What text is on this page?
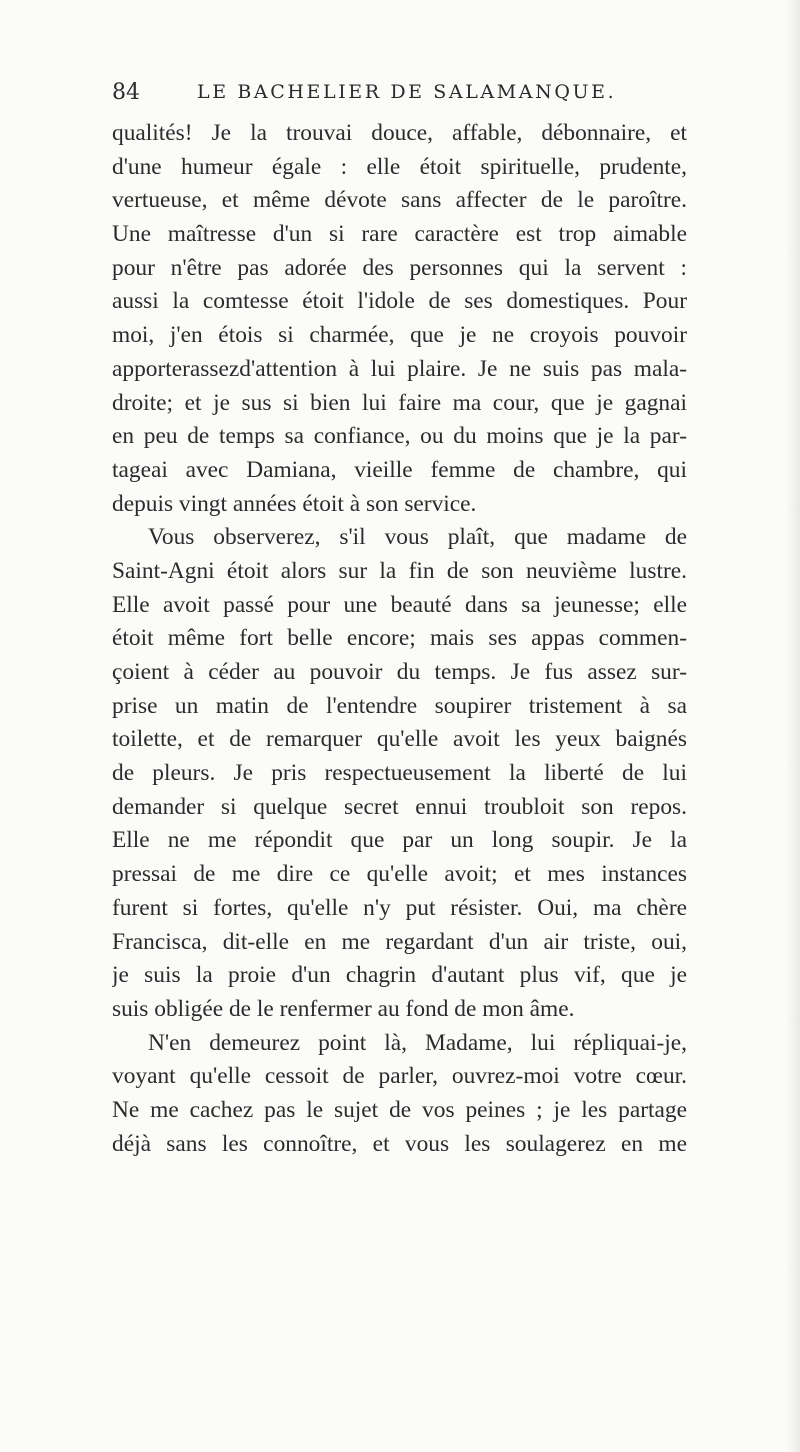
84	LE BACHELIER DE SALAMANQUE.
qualités! Je la trouvai douce, affable, débonnaire, et
d'une humeur égale : elle étoit spirituelle, prudente,
vertueuse, et même dévote sans affecter de le paroître.
Une maîtresse d'un si rare caractère est trop aimable
pour n'être pas adorée des personnes qui la servent :
aussi la comtesse étoit l'idole de ses domestiques. Pour
moi, j'en étois si charmée, que je ne croyois pouvoir
apporterassezd'attention à lui plaire. Je ne suis pas mala-
droite; et je sus si bien lui faire ma cour, que je gagnai
en peu de temps sa confiance, ou du moins que je la par-
tageai avec Damiana, vieille femme de chambre, qui
depuis vingt années étoit à son service.
Vous observerez, s'il vous plaît, que madame de
Saint-Agni étoit alors sur la fin de son neuvième lustre.
Elle avoit passé pour une beauté dans sa jeunesse; elle
étoit même fort belle encore; mais ses appas commen-
çoient à céder au pouvoir du temps. Je fus assez sur-
prise un matin de l'entendre soupirer tristement à sa
toilette, et de remarquer qu'elle avoit les yeux baignés
de pleurs. Je pris respectueusement la liberté de lui
demander si quelque secret ennui troubloit son repos.
Elle ne me répondit que par un long soupir. Je la
pressai de me dire ce qu'elle avoit; et mes instances
furent si fortes, qu'elle n'y put résister. Oui, ma chère
Francisca, dit-elle en me regardant d'un air triste, oui,
je suis la proie d'un chagrin d'autant plus vif, que je
suis obligée de le renfermer au fond de mon âme.
N'en demeurez point là, Madame, lui répliquai-je,
voyant qu'elle cessoit de parler, ouvrez-moi votre cœur.
Ne me cachez pas le sujet de vos peines ; je les partage
déjà sans les connoître, et vous les soulagerez en me
